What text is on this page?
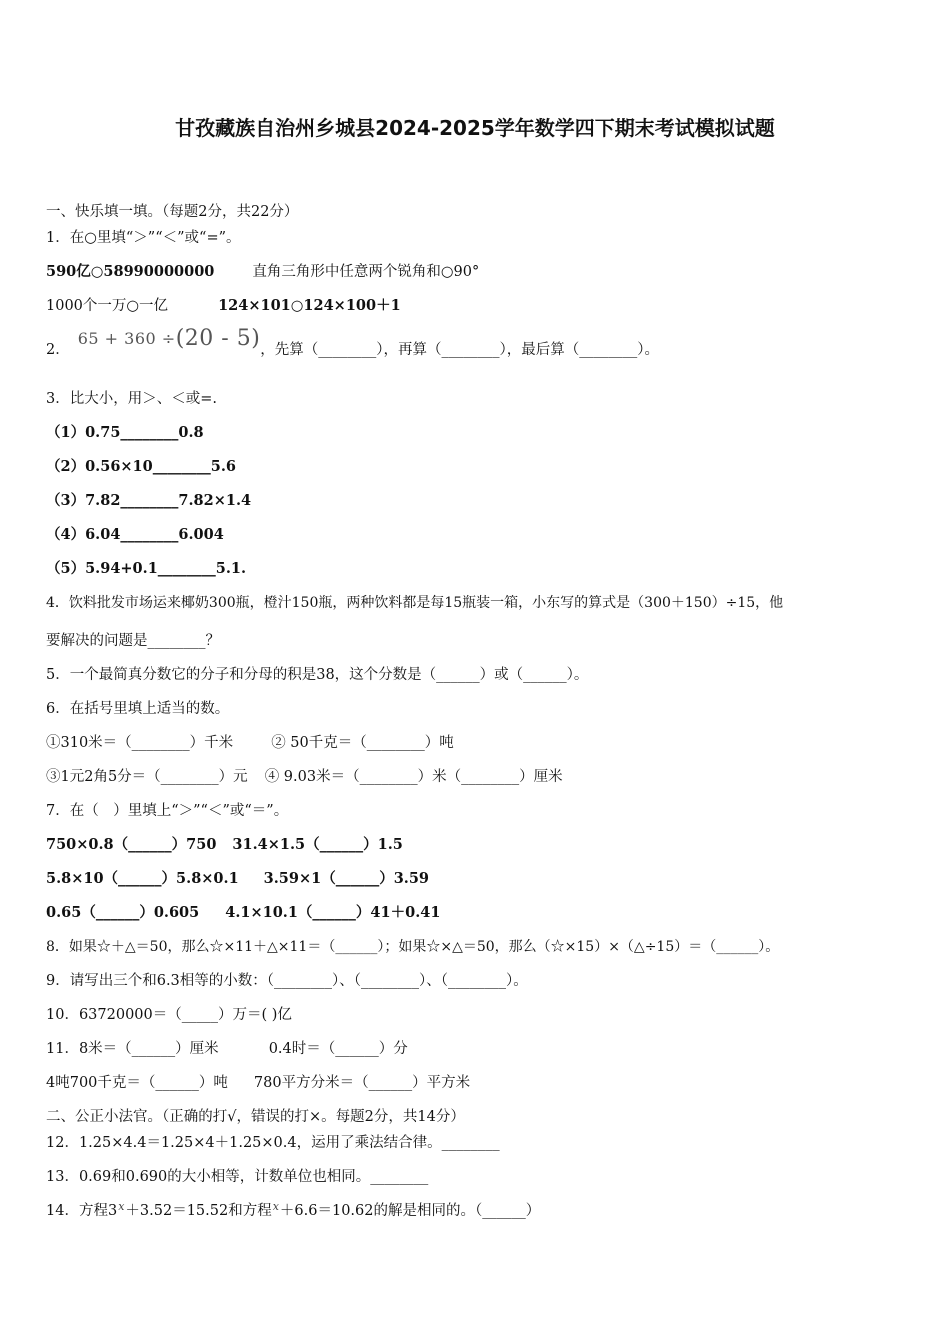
甘孜藏族自治州乡城县2024-2025学年数学四下期末考试模拟试题
一、快乐填一填。（每题2分，共22分）
1．在○里填“＞”“＜”或“=”。
590亿○58990000000	直角三角形中任意两个锐角和○90°
1000个一万○一亿	124×101○124×100＋1
2．65 + 360 ÷(20 - 5)，先算（________），再算（________），最后算（________）。
3．比大小，用＞、＜或=.
（1）0.75________0.8
（2）0.56×10________5.6
（3）7.82________7.82×1.4
（4）6.04________6.004
（5）5.94+0.1________5.1.
4．饮料批发市场运来椰奶300瓶，橙汁150瓶，两种饮料都是每15瓶装一箱，小东写的算式是（300＋150）÷15，他
要解决的问题是________？
5．一个最简真分数它的分子和分母的积是38，这个分数是（______）或（______）。
6．在括号里填上适当的数。
①310米＝（________）千米	② 50千克＝（________）吨
③1元2角5分＝（________）元 ④ 9.03米＝（________）米（________）厘米
7．在（　）里填上“＞”“＜”或“＝”。
750×0.8（______）750 31.4×1.5（______）1.5
5.8×10（______）5.8×0.1 3.59×1（______）3.59
0.65（______）0.605 4.1×10.1（______）41＋0.41
8．如果☆＋△＝50，那么☆×11＋△×11＝（______）；如果☆×△＝50，那么（☆×15）×（△÷15）＝（______）。
9．请写出三个和6.3相等的小数：（________）、（________）、（________）。
10．63720000＝（_____）万＝( )亿
11．8米＝（______）厘米	0.4时＝（______）分
4吨700千克＝（______）吨 780平方分米＝（______）平方米
二、公正小法官。（正确的打√，错误的打×。每题2分，共14分）
12．1.25×4.4＝1.25×4＋1.25×0.4，运用了乘法结合律。________
13．0.69和0.690的大小相等，计数单位也相同。________
14．方程$3^x+3.52=15.52$和方程$^x$＋6.6＝10.62的解是相同的。（______）
